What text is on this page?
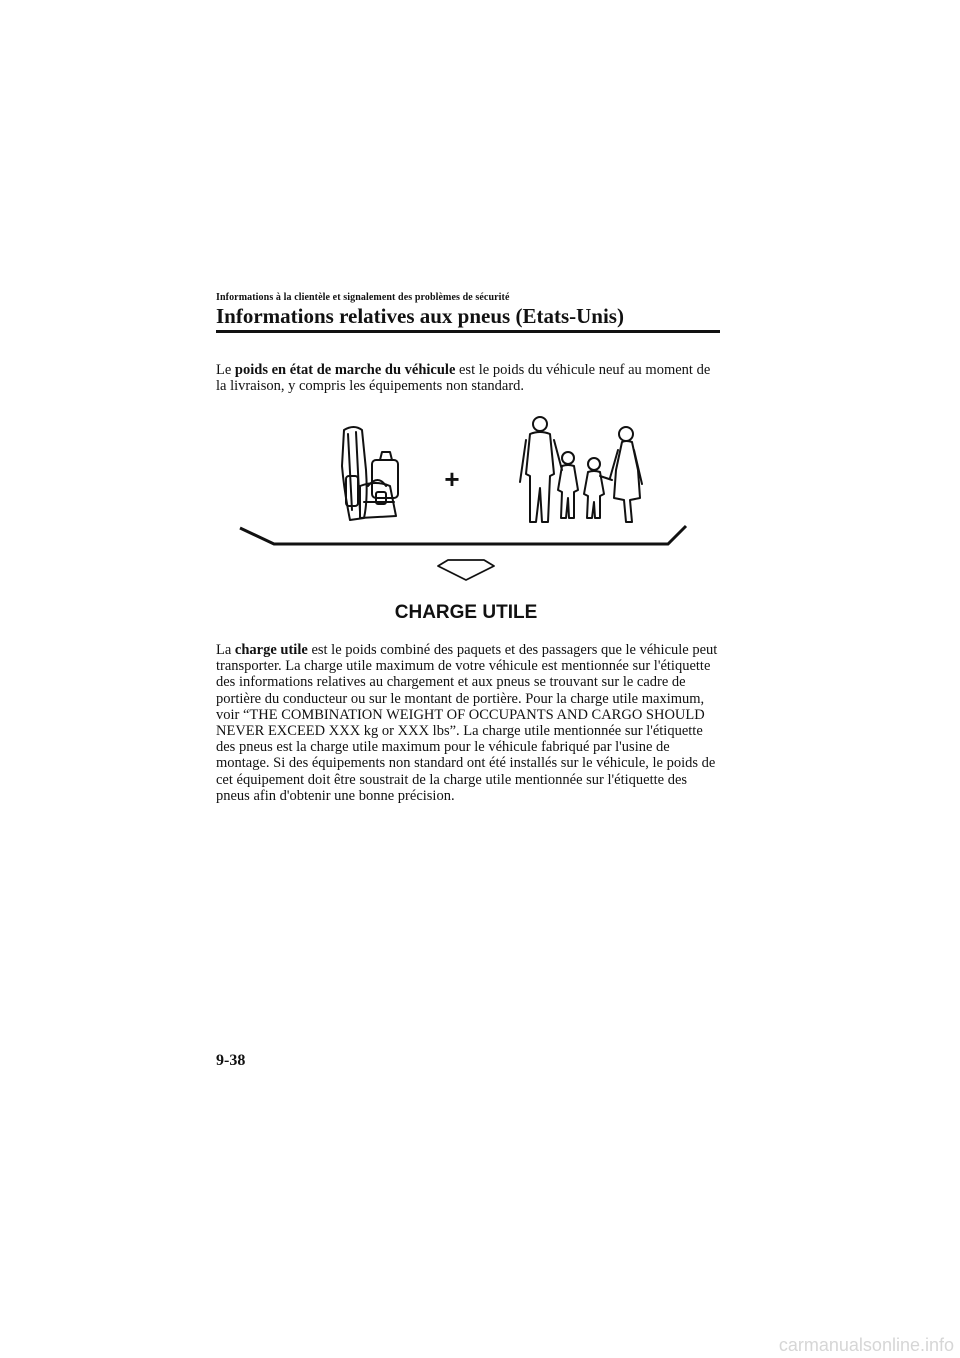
Informations à la clientèle et signalement des problèmes de sécurité
Informations relatives aux pneus (Etats-Unis)

Le poids en état de marche du véhicule est le poids du véhicule neuf au moment de la livraison, y compris les équipements non standard.

+
CHARGE UTILE

La charge utile est le poids combiné des paquets et des passagers que le véhicule peut transporter. La charge utile maximum de votre véhicule est mentionnée sur l'étiquette des informations relatives au chargement et aux pneus se trouvant sur le cadre de portière du conducteur ou sur le montant de portière. Pour la charge utile maximum, voir “THE COMBINATION WEIGHT OF OCCUPANTS AND CARGO SHOULD NEVER EXCEED XXX kg or XXX lbs”. La charge utile mentionnée sur l'étiquette des pneus est la charge utile maximum pour le véhicule fabriqué par l'usine de montage. Si des équipements non standard ont été installés sur le véhicule, le poids de cet équipement doit être soustrait de la charge utile mentionnée sur l'étiquette des pneus afin d'obtenir une bonne précision.

9-38
carmanualsonline.info
